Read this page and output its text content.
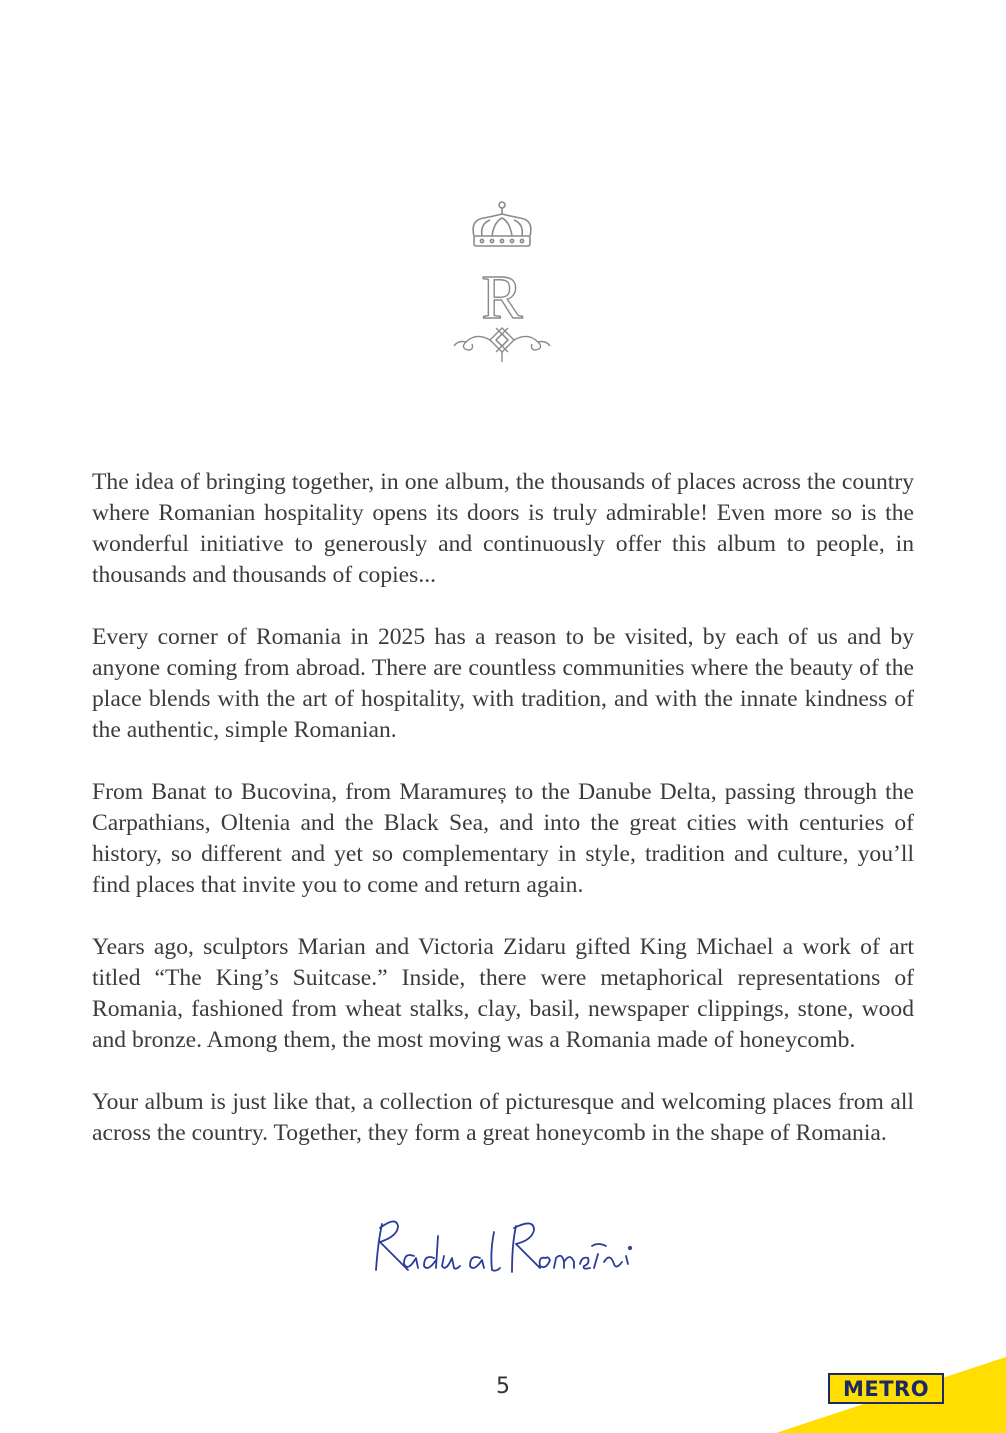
R

The idea of bringing together, in one album, the thousands of places across the country where Romanian hospitality opens its doors is truly admirable! Even more so is the wonderful initiative to generously and continuously offer this album to people, in thousands and thousands of copies...

Every corner of Romania in 2025 has a reason to be visited, by each of us and by anyone coming from abroad. There are countless communities where the beauty of the place blends with the art of hospitality, with tradition, and with the innate kindness of the authentic, simple Romanian.

From Banat to Bucovina, from Maramureș to the Danube Delta, passing through the Carpathians, Oltenia and the Black Sea, and into the great cities with centuries of history, so different and yet so complementary in style, tradition and culture, you’ll find places that invite you to come and return again.

Years ago, sculptors Marian and Victoria Zidaru gifted King Michael a work of art titled “The King’s Suitcase.” Inside, there were metaphorical representations of Romania, fashioned from wheat stalks, clay, basil, newspaper clippings, stone, wood and bronze. Among them, the most moving was a Romania made of honeycomb.

Your album is just like that, a collection of picturesque and welcoming places from all across the country. Together, they form a great honeycomb in the shape of Romania.

5	METRO
